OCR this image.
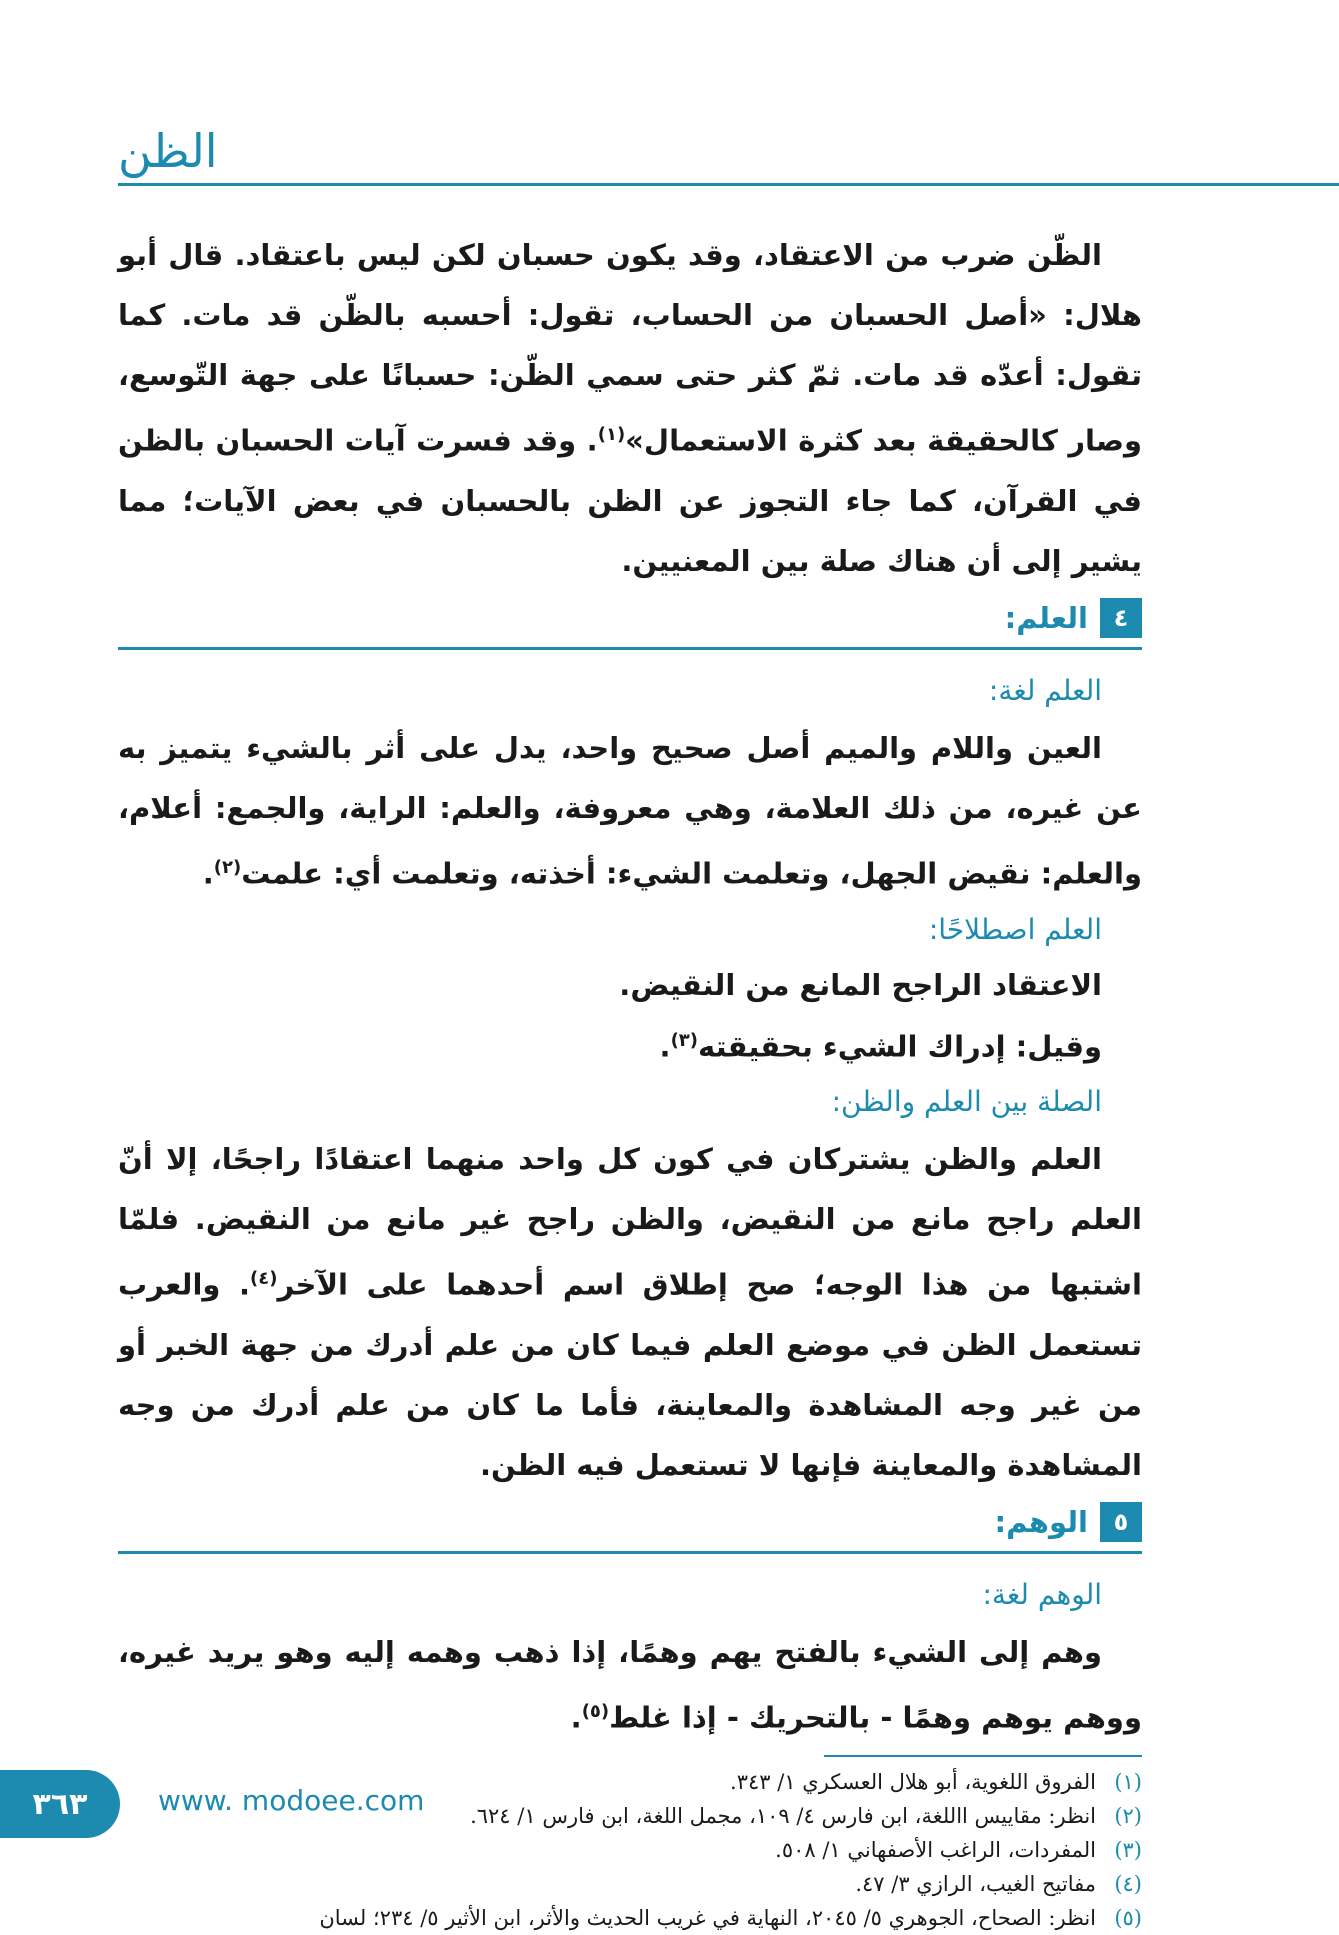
الظن

الظّن ضرب من الاعتقاد، وقد يكون حسبان لكن ليس باعتقاد. قال أبو هلال: «أصل الحسبان من الحساب، تقول: أحسبه بالظّن قد مات. كما تقول: أعدّه قد مات. ثمّ كثر حتى سمي الظّن: حسبانًا على جهة التّوسع، وصار كالحقيقة بعد كثرة الاستعمال»$^{(١)}$. وقد فسرت آيات الحسبان بالظن في القرآن، كما جاء التجوز عن الظن بالحسبان في بعض الآيات؛ مما يشير إلى أن هناك صلة بين المعنيين.

٤
العلم:

العلم لغة:

العين واللام والميم أصل صحيح واحد، يدل على أثر بالشيء يتميز به عن غيره، من ذلك العلامة، وهي معروفة، والعلم: الراية، والجمع: أعلام، والعلم: نقيض الجهل، وتعلمت الشيء: أخذته، وتعلمت أي: علمت$^{(٢)}$.

العلم اصطلاحًا:

الاعتقاد الراجح المانع من النقيض.

وقيل: إدراك الشيء بحقيقته$^{(٣)}$.

الصلة بين العلم والظن:

العلم والظن يشتركان في كون كل واحد منهما اعتقادًا راجحًا، إلا أنّ العلم راجح مانع من النقيض، والظن راجح غير مانع من النقيض. فلمّا اشتبها من هذا الوجه؛ صح إطلاق اسم أحدهما على الآخر$^{(٤)}$. والعرب تستعمل الظن في موضع العلم فيما كان من علم أدرك من جهة الخبر أو من غير وجه المشاهدة والمعاينة، فأما ما كان من علم أدرك من وجه المشاهدة والمعاينة فإنها لا تستعمل فيه الظن.

٥
الوهم:

الوهم لغة:

وهم إلى الشيء بالفتح يهم وهمًا، إذا ذهب وهمه إليه وهو يريد غيره، ووهم يوهم وهمًا - بالتحريك - إذا غلط$^{(٥)}$.

(١)الفروق اللغوية، أبو هلال العسكري ١/ ٣٤٣.

(٢)انظر: مقاييس االلغة، ابن فارس ٤/ ١٠٩، مجمل اللغة، ابن فارس ١/ ٦٢٤.

(٣)المفردات، الراغب الأصفهاني ١/ ٥٠٨.

(٤)مفاتيح الغيب، الرازي ٣/ ٤٧.

(٥)انظر: الصحاح، الجوهري ٥/ ٢٠٤٥، النهاية في غريب الحديث والأثر، ابن الأثير ٥/ ٢٣٤؛ لسان

٣٦٣	www. modoee.com
